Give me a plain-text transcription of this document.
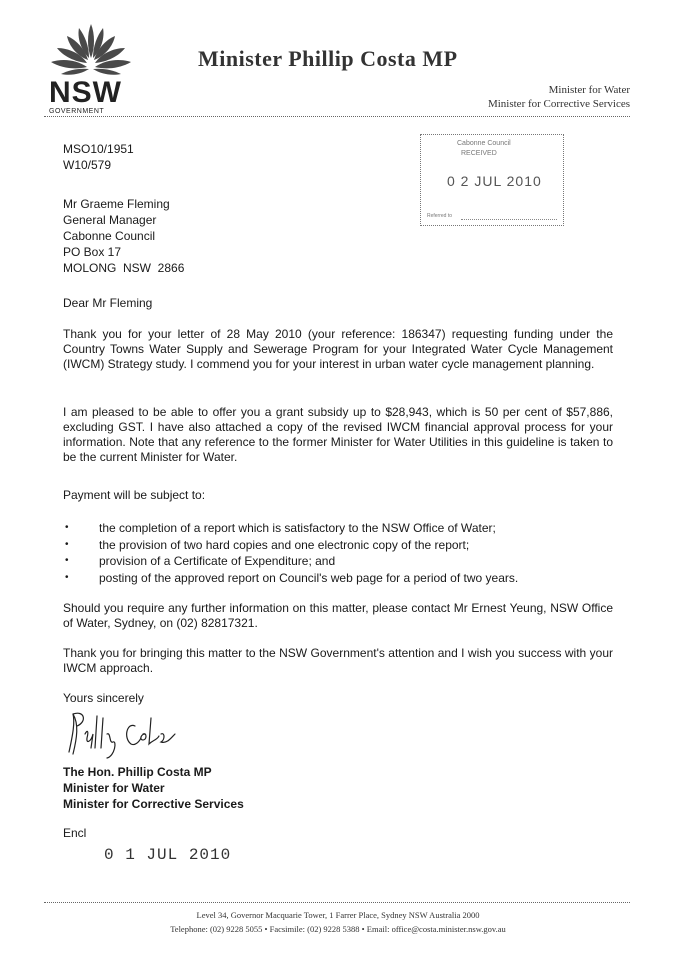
NSW
GOVERNMENT
Minister Phillip Costa MP
Minister for Water
Minister for Corrective Services
MSO10/1951
W10/579
Cabonne Council
RECEIVED
0 2 JUL 2010
Referred to
Mr Graeme Fleming
General Manager
Cabonne Council
PO Box 17
MOLONG  NSW  2866
Dear Mr Fleming
Thank you for your letter of 28 May 2010 (your reference: 186347) requesting funding under the Country Towns Water Supply and Sewerage Program for your Integrated Water Cycle Management (IWCM) Strategy study. I commend you for your interest in urban water cycle management planning.
I am pleased to be able to offer you a grant subsidy up to $28,943, which is 50 per cent of $57,886, excluding GST. I have also attached a copy of the revised IWCM financial approval process for your information. Note that any reference to the former Minister for Water Utilities in this guideline is taken to be the current Minister for Water.
Payment will be subject to:
•	the completion of a report which is satisfactory to the NSW Office of Water;
•	the provision of two hard copies and one electronic copy of the report;
•	provision of a Certificate of Expenditure; and
•	posting of the approved report on Council's web page for a period of two years.
Should you require any further information on this matter, please contact Mr Ernest Yeung, NSW Office of Water, Sydney, on (02) 82817321.
Thank you for bringing this matter to the NSW Government's attention and I wish you success with your IWCM approach.
Yours sincerely
The Hon. Phillip Costa MP
Minister for Water
Minister for Corrective Services
Encl
0 1 JUL 2010
Level 34, Governor Macquarie Tower, 1 Farrer Place, Sydney NSW Australia 2000
Telephone: (02) 9228 5055 • Facsimile: (02) 9228 5388 • Email: office@costa.minister.nsw.gov.au
